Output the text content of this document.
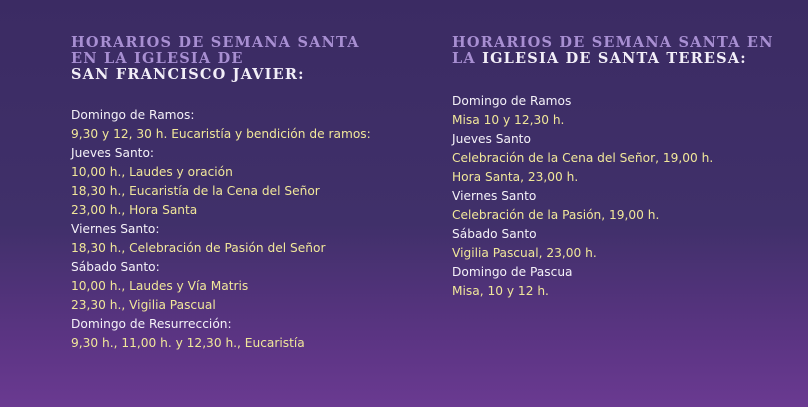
HORARIOS DE SEMANA SANTA
EN LA IGLESIA DE
SAN FRANCISCO JAVIER:
Domingo de Ramos:
9,30 y 12, 30 h. Eucaristía y bendición de ramos:
Jueves Santo:
10,00 h., Laudes y oración
18,30 h., Eucaristía de la Cena del Señor
23,00 h., Hora Santa
Viernes Santo:
18,30 h., Celebración de Pasión del Señor
Sábado Santo:
10,00 h., Laudes y Vía Matris
23,30 h., Vigilia Pascual
Domingo de Resurrección:
9,30 h., 11,00 h. y 12,30 h., Eucaristía
HORARIOS DE SEMANA SANTA EN
LA IGLESIA DE SANTA TERESA:
Domingo de Ramos
Misa 10 y 12,30 h.
Jueves Santo
Celebración de la Cena del Señor, 19,00 h.
Hora Santa, 23,00 h.
Viernes Santo
Celebración de la Pasión, 19,00 h.
Sábado Santo
Vigilia Pascual, 23,00 h.
Domingo de Pascua
Misa, 10 y 12 h.
